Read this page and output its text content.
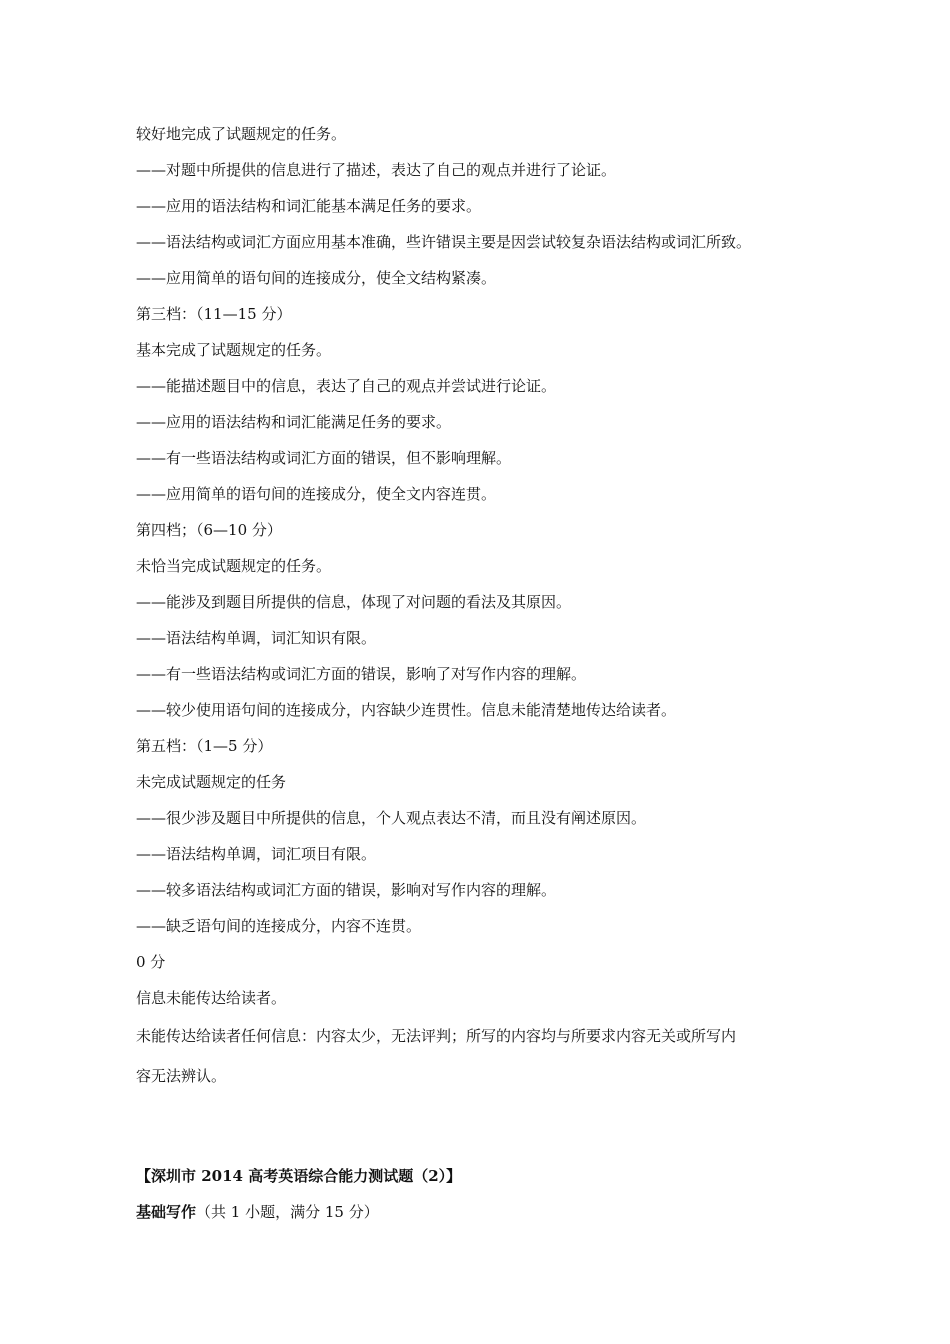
较好地完成了试题规定的任务。
——对题中所提供的信息进行了描述，表达了自己的观点并进行了论证。
——应用的语法结构和词汇能基本满足任务的要求。
——语法结构或词汇方面应用基本准确，些许错误主要是因尝试较复杂语法结构或词汇所致。
——应用简单的语句间的连接成分，使全文结构紧凑。
第三档：（11—15 分）
基本完成了试题规定的任务。
——能描述题目中的信息，表达了自己的观点并尝试进行论证。
——应用的语法结构和词汇能满足任务的要求。
——有一些语法结构或词汇方面的错误，但不影响理解。
——应用简单的语句间的连接成分，使全文内容连贯。
第四档；（6—10 分）
未恰当完成试题规定的任务。
——能涉及到题目所提供的信息，体现了对问题的看法及其原因。
——语法结构单调，词汇知识有限。
——有一些语法结构或词汇方面的错误，影响了对写作内容的理解。
——较少使用语句间的连接成分，内容缺少连贯性。信息未能清楚地传达给读者。
第五档：（1—5 分）
未完成试题规定的任务
——很少涉及题目中所提供的信息，个人观点表达不清，而且没有阐述原因。
——语法结构单调，词汇项目有限。
——较多语法结构或词汇方面的错误，影响对写作内容的理解。
——缺乏语句间的连接成分，内容不连贯。
0 分
信息未能传达给读者。
未能传达给读者任何信息：内容太少，无法评判；所写的内容均与所要求内容无关或所写内
容无法辨认。
【深圳市 2014 高考英语综合能力测试题（2）】
基础写作（共 1 小题，满分 15 分）
